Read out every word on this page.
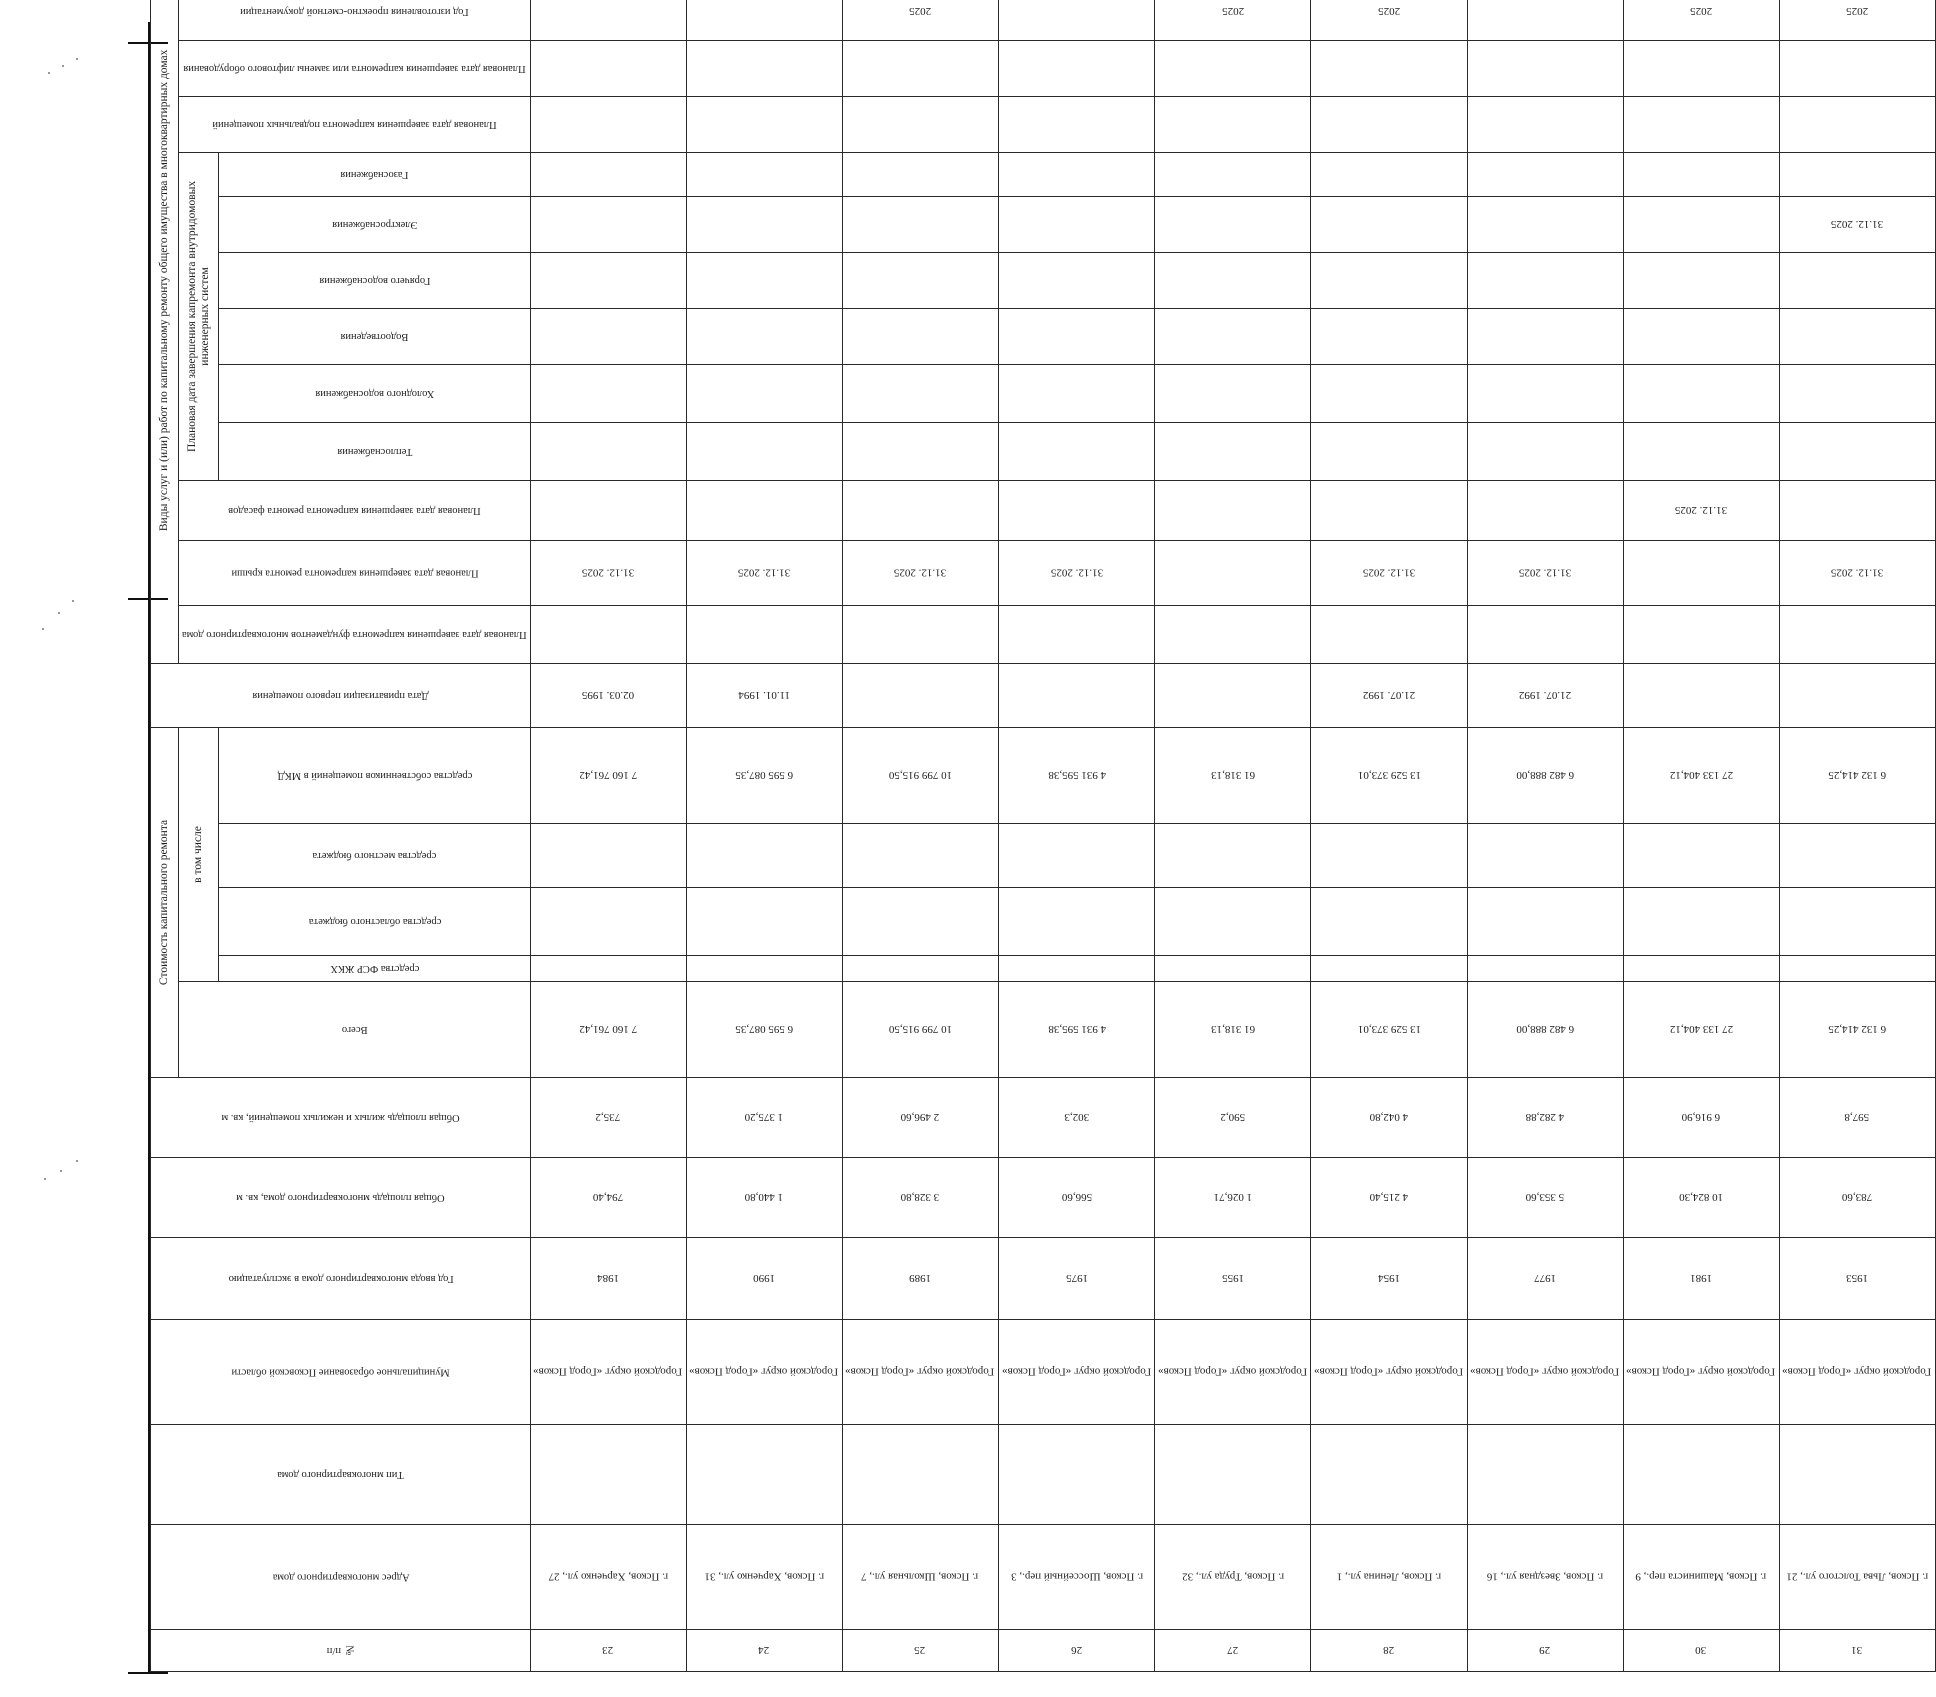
№ п/п	Адрес многоквартирного дома	Тип многоквартирного дома	Муниципальное образование Псковской области	Год ввода многоквартирного дома в эксплуатацию	Общая площадь многоквартирного дома, кв. м	Общая площадь жилых и нежилых помещений, кв. м	Стоимость капитального ремонта					Дата приватизации первого помещения	Виды услуг и (или) работ по капитальному ремонту общего имущества в многоквартирных домах												
							Всего	в том числе					Плановая дата завершения капремонта фундаментов многоквартирного дома	Плановая дата завершения капремонта ремонта крыши	Плановая дата завершения капремонта ремонта фасадов	Плановая дата завершения капремонта внутридомовых инженерных систем						Плановая дата завершения капремонта подвальных помещений	Плановая дата завершения капремонта или замены лифтового оборудования	Год изготовления проектно-сметной документации	
								средства ФСР ЖКХ	средства областного бюджета	средства местного бюджета	средства собственников помещений в МКД					Теплоснабжения	Холодного водоснабжения	Водоотведения	Горячего водоснабжения	Электроснабжения	Газоснабжения				
23	г. Псков, Харченко ул., 27		Городской округ «Город Псков»	1984	794,40	735,2	7 160 761,42				7 160 761,42	02.03. 1995		31.12. 2025											
24	г. Псков, Харченко ул., 31		Городской округ «Город Псков»	1990	1 440,80	1 375,20	6 595 087,35				6 595 087,35	11.01. 1994		31.12. 2025											
25	г. Псков, Школьная ул., 7		Городской округ «Город Псков»	1989	3 328,80	2 496,60	10 799 915,50				10 799 915,50			31.12. 2025										2025	
26	г. Псков, Шоссейный пер., 3		Городской округ «Город Псков»	1975	566,60	302,3	4 931 595,38				4 931 595,38			31.12. 2025											
27	г. Псков, Труда ул., 32		Городской округ «Город Псков»	1955	1 026,71	590,2	61 318,13				61 318,13													2025	
28	г. Псков, Ленина ул., 1		Городской округ «Город Псков»	1954	4 215,40	4 042,80	13 529 373,01				13 529 373,01	21.07. 1992		31.12. 2025										2025	
29	г. Псков, Звездная ул., 16		Городской округ «Город Псков»	1977	5 353,60	4 282,88	6 482 888,00				6 482 888,00	21.07. 1992		31.12. 2025											
30	г. Псков, Машиниста пер., 9		Городской округ «Город Псков»	1981	10 824,30	6 916,90	27 133 404,12				27 133 404,12				31.12. 2025									2025	
31	г. Псков, Льва Толстого ул., 21		Городской округ «Город Псков»	1953	783,60	597,8	6 132 414,25				6 132 414,25			31.12. 2025						31.12. 2025				2025	
